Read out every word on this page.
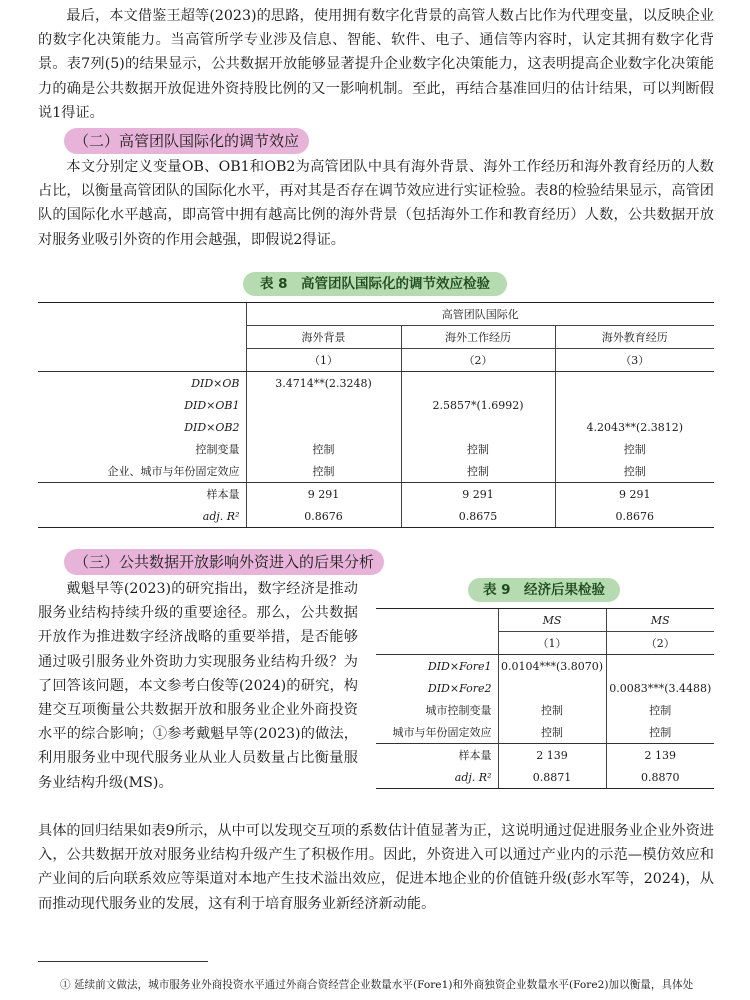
最后，本文借鉴王超等(2023)的思路，使用拥有数字化背景的高管人数占比作为代理变量，以反映企业的数字化决策能力。当高管所学专业涉及信息、智能、软件、电子、通信等内容时，认定其拥有数字化背景。表7列(5)的结果显示，公共数据开放能够显著提升企业数字化决策能力，这表明提高企业数字化决策能力的确是公共数据开放促进外资持股比例的又一影响机制。至此，再结合基准回归的估计结果，可以判断假说1得证。

（二）高管团队国际化的调节效应

本文分别定义变量OB、OB1和OB2为高管团队中具有海外背景、海外工作经历和海外教育经历的人数占比，以衡量高管团队的国际化水平，再对其是否存在调节效应进行实证检验。表8的检验结果显示，高管团队的国际化水平越高，即高管中拥有越高比例的海外背景（包括海外工作和教育经历）人数，公共数据开放对服务业吸引外资的作用会越强，即假说2得证。

表 8　高管团队国际化的调节效应检验
	高管团队国际化		
	海外背景	海外工作经历	海外教育经历
	（1）	（2）	（3）
DID×OB	3.4714**(2.3248)		
DID×OB1		2.5857*(1.6992)	
DID×OB2			4.2043**(2.3812)
控制变量	控制	控制	控制
企业、城市与年份固定效应	控制	控制	控制
样本量	9 291	9 291	9 291
adj. R²	0.8676	0.8675	0.8676
（三）公共数据开放影响外资进入的后果分析

戴魁早等(2023)的研究指出，数字经济是推动服务业结构持续升级的重要途径。那么，公共数据开放作为推进数字经济战略的重要举措，是否能够通过吸引服务业外资助力实现服务业结构升级？为了回答该问题，本文参考白俊等(2024)的研究，构建交互项衡量公共数据开放和服务业企业外商投资水平的综合影响；①参考戴魁早等(2023)的做法，利用服务业中现代服务业从业人员数量占比衡量服务业结构升级(MS)。

表 9　经济后果检验
	MS	MS
	（1）	（2）
DID×Fore1	0.0104***(3.8070)	
DID×Fore2		0.0083***(3.4488)
城市控制变量	控制	控制
城市与年份固定效应	控制	控制
样本量	2 139	2 139
adj. R²	0.8871	0.8870

具体的回归结果如表9所示，从中可以发现交互项的系数估计值显著为正，这说明通过促进服务业企业外资进入，公共数据开放对服务业结构升级产生了积极作用。因此，外资进入可以通过产业内的示范—模仿效应和产业间的后向联系效应等渠道对本地产生技术溢出效应，促进本地企业的价值链升级(彭水军等，2024)，从而推动现代服务业的发展，这有利于培育服务业新经济新动能。

① 延续前文做法，城市服务业外商投资水平通过外商合资经营企业数量水平(Fore1)和外商独资企业数量水平(Fore2)加以衡量，具体处
